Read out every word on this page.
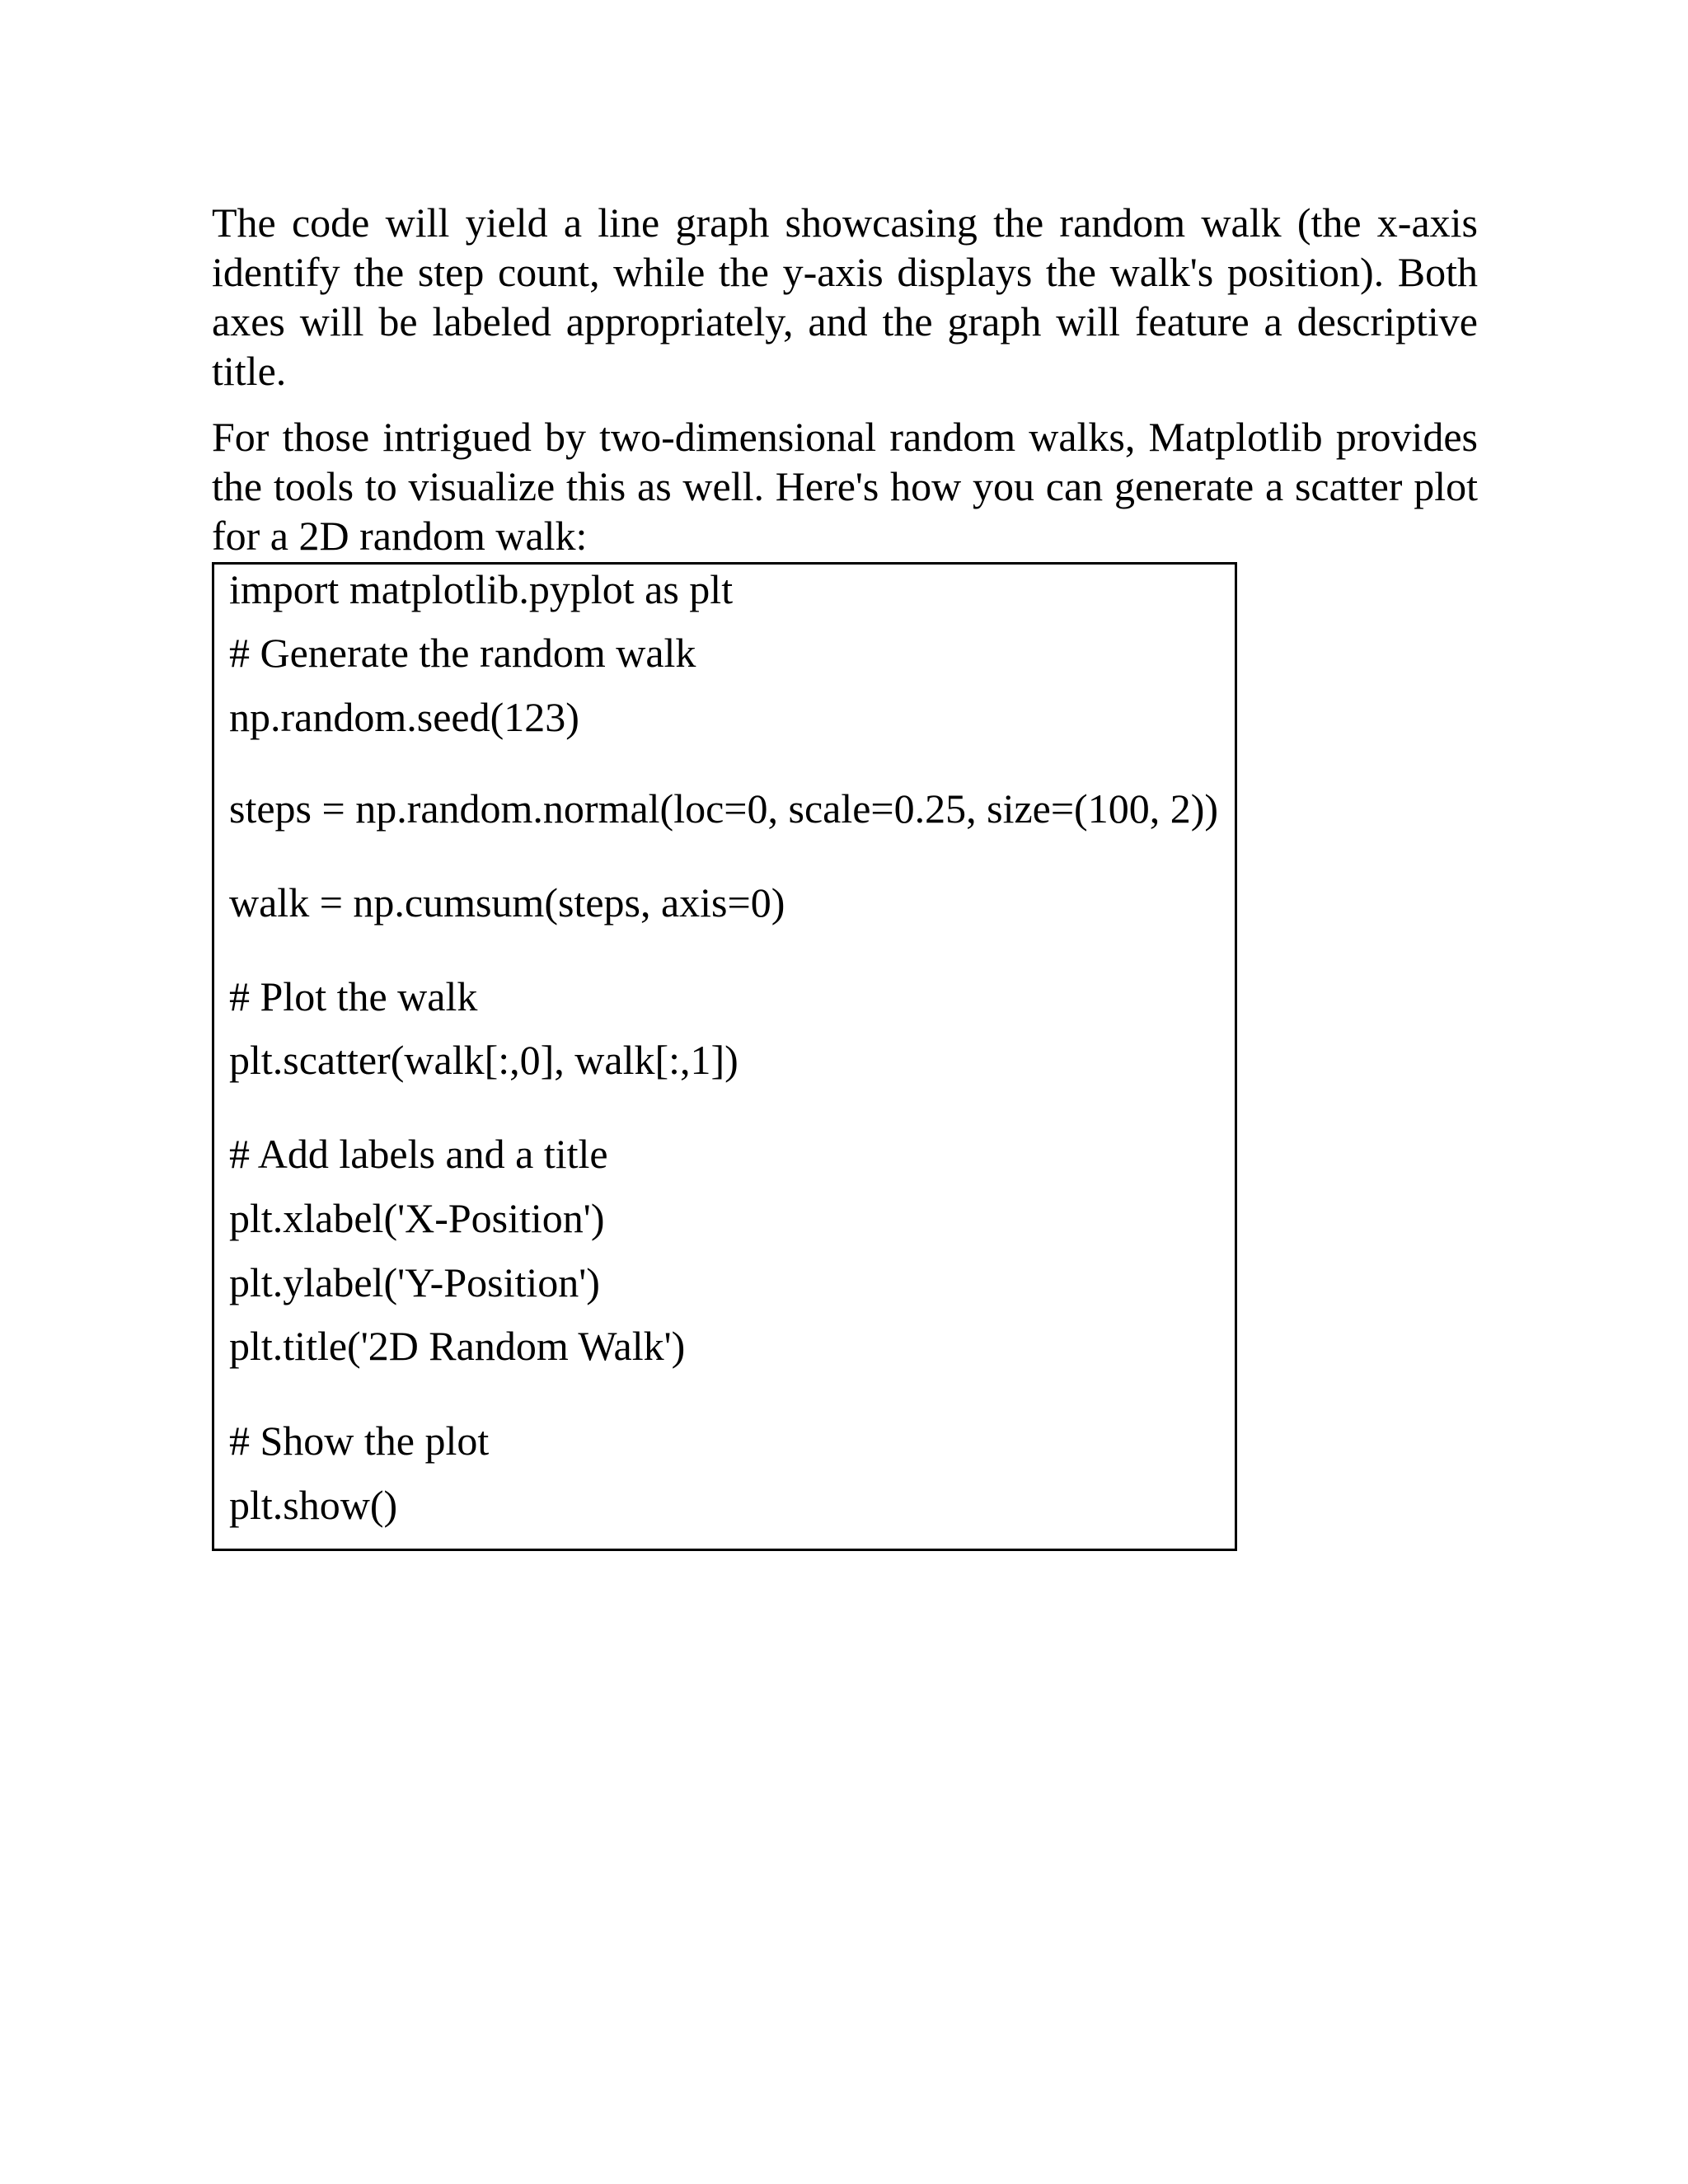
The code will yield a line graph showcasing the random walk (the x-axis identify the step count, while the y-axis displays the walk's position). Both axes will be labeled appropriately, and the graph will feature a descriptive title.

For those intrigued by two-dimensional random walks, Matplotlib provides the tools to visualize this as well. Here's how you can generate a scatter plot for a 2D random walk:

import matplotlib.pyplot as plt
# Generate the random walk
np.random.seed(123)
steps = np.random.normal(loc=0, scale=0.25, size=(100, 2))
walk = np.cumsum(steps, axis=0)
# Plot the walk
plt.scatter(walk[:,0], walk[:,1])
# Add labels and a title
plt.xlabel('X-Position')
plt.ylabel('Y-Position')
plt.title('2D Random Walk')
# Show the plot
plt.show()
